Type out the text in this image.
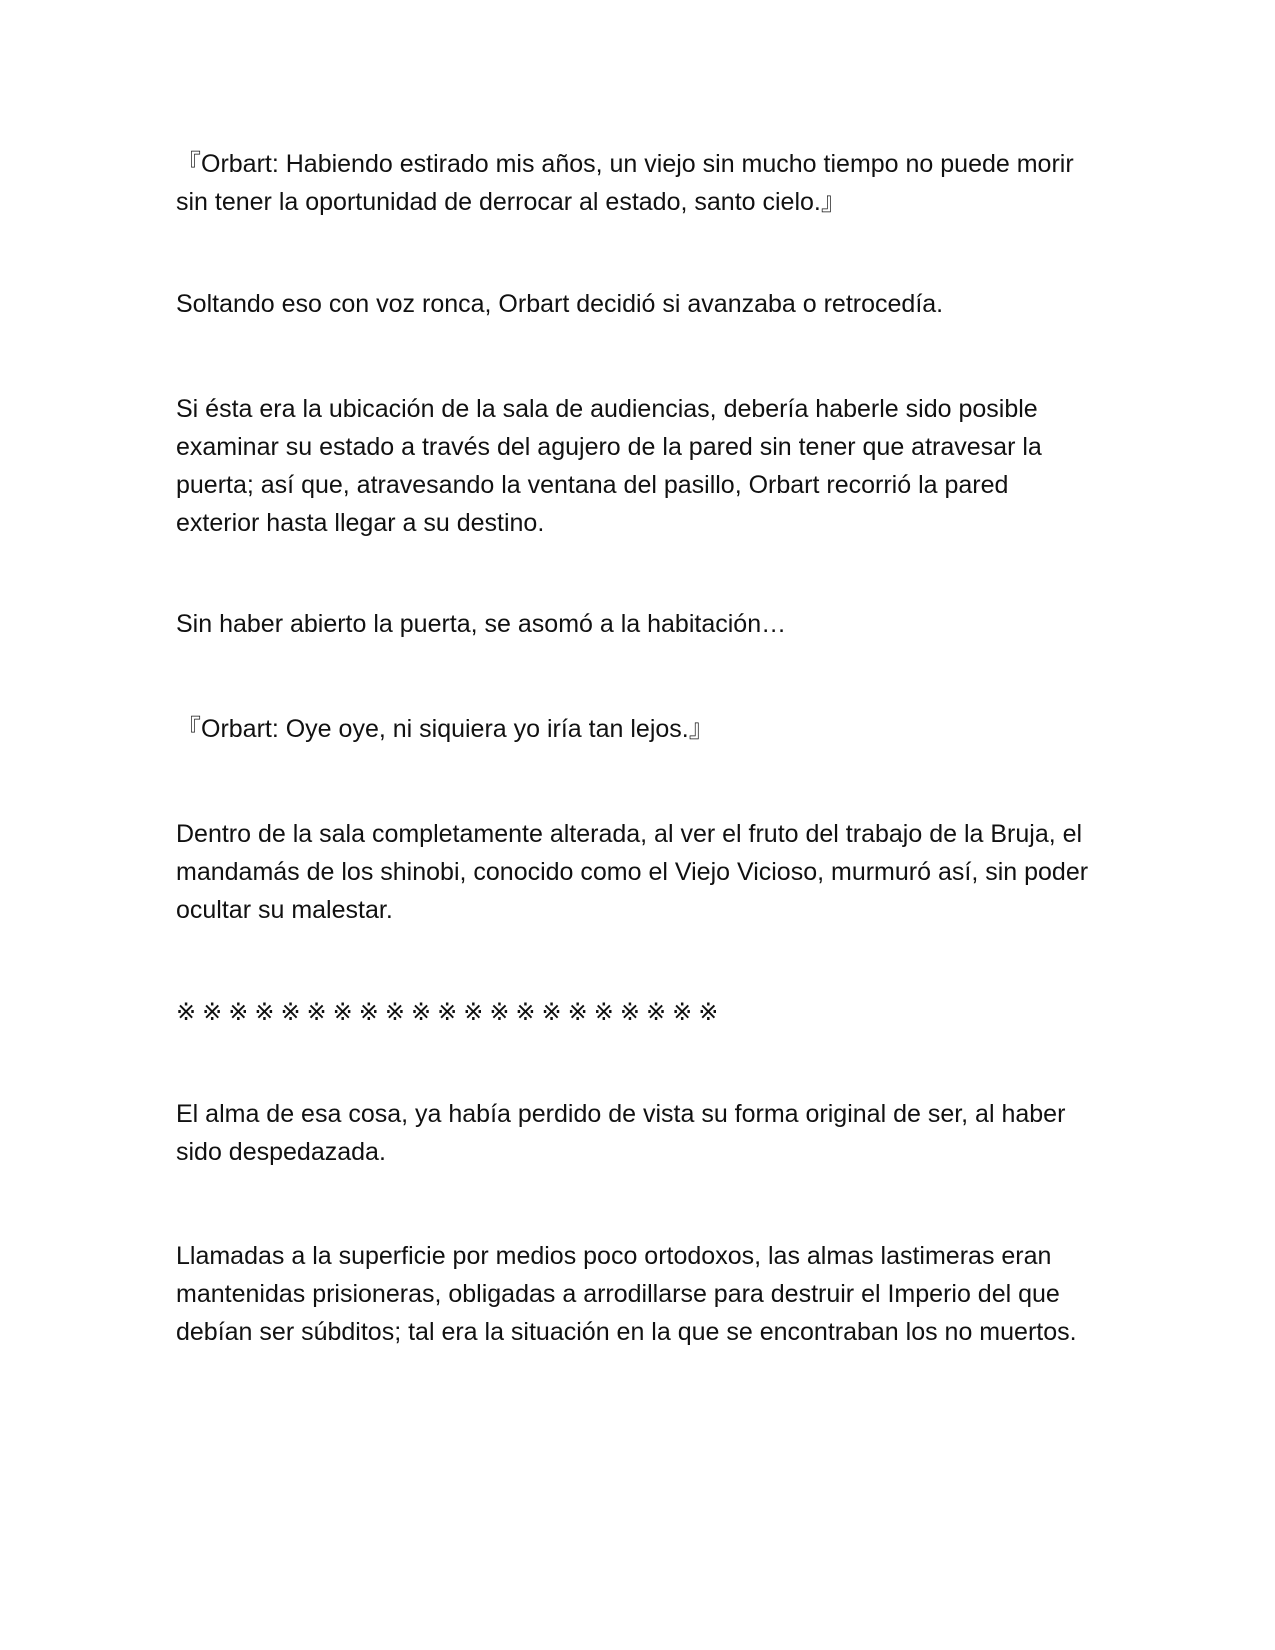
『Orbart: Habiendo estirado mis años, un viejo sin mucho tiempo no puede morir sin tener la oportunidad de derrocar al estado, santo cielo.』

Soltando eso con voz ronca, Orbart decidió si avanzaba o retrocedía.

Si ésta era la ubicación de la sala de audiencias, debería haberle sido posible examinar su estado a través del agujero de la pared sin tener que atravesar la puerta; así que, atravesando la ventana del pasillo, Orbart recorrió la pared exterior hasta llegar a su destino.

Sin haber abierto la puerta, se asomó a la habitación…

『Orbart: Oye oye, ni siquiera yo iría tan lejos.』

Dentro de la sala completamente alterada, al ver el fruto del trabajo de la Bruja, el mandamás de los shinobi, conocido como el Viejo Vicioso, murmuró así, sin poder ocultar su malestar.

※※※※※※※※※※※※※※※※※※※※※

El alma de esa cosa, ya había perdido de vista su forma original de ser, al haber sido despedazada.

Llamadas a la superficie por medios poco ortodoxos, las almas lastimeras eran mantenidas prisioneras, obligadas a arrodillarse para destruir el Imperio del que debían ser súbditos; tal era la situación en la que se encontraban los no muertos.
